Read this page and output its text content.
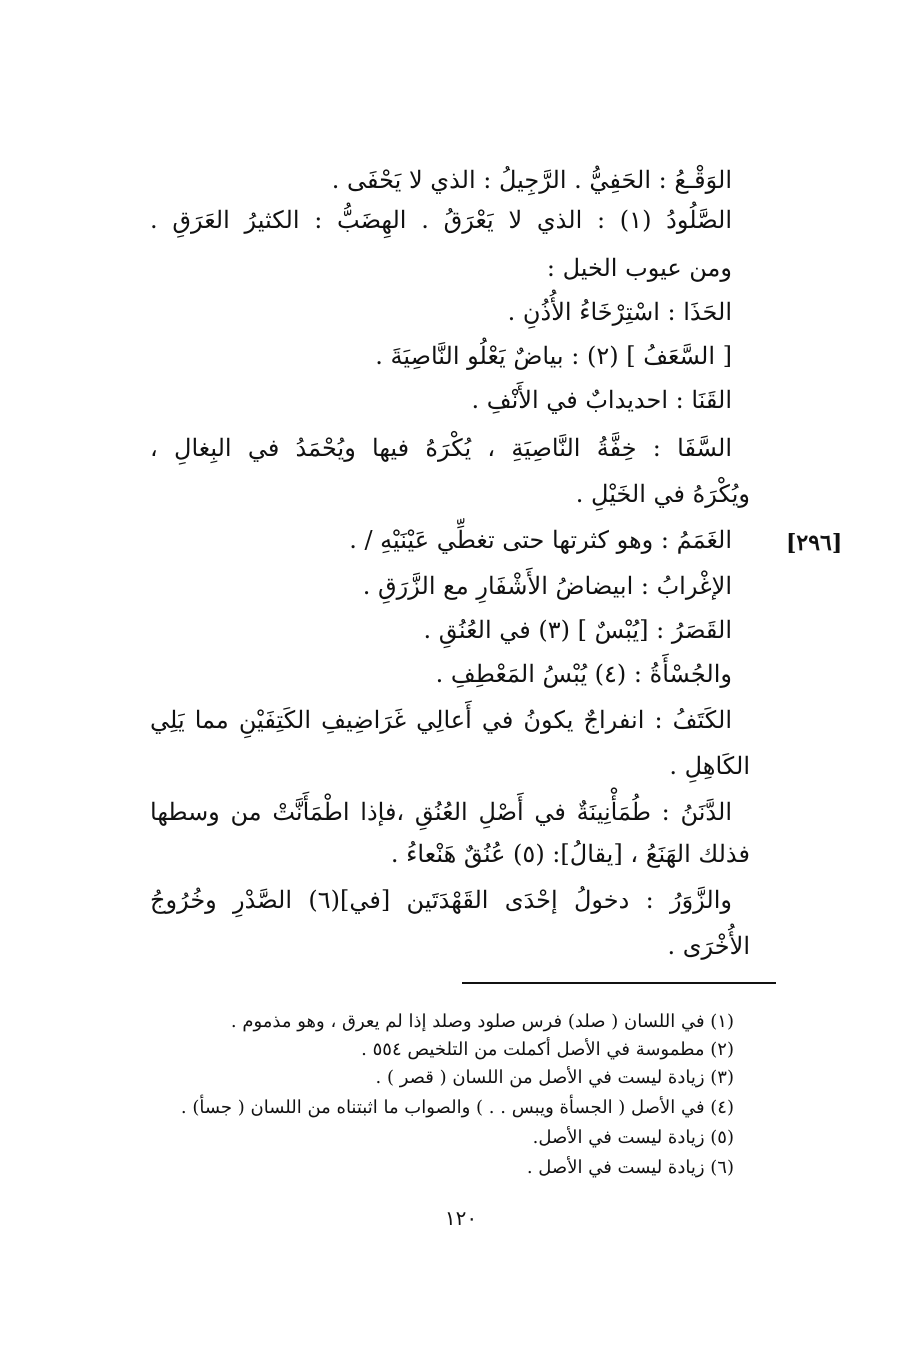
الوَقْـعُ : الحَفِيُّ . الرَّجِيلُ : الذي لا يَحْفَى .
الصَّلُودُ (١) : الذي لا يَعْرَقُ . الهِضَبُّ : الكثيرُ العَرَقِ .
ومن عيوب الخيل :
الحَذَا : اسْتِرْخَاءُ الأُذُنِ .
[ السَّعَفُ ] (٢) : بياضٌ يَعْلُو النَّاصِيَةَ .
القَنَا : احديدابٌ في الأَنْفِ .
السَّفَا : خِفَّةُ النَّاصِيَةِ ، يُكْرَهُ فيها ويُحْمَدُ في البِغالِ ،
ويُكْرَهُ في الخَيْلِ .
[٢٩٦]
الغَمَمُ : وهو كثرتها حتى تغطِّي عَيْنَيْهِ / .
الإغْرابُ : ابيضاضُ الأَشْفَارِ مع الزَّرَقِ .
القَصَرُ : [يُبْسٌ ] (٣) في العُنُقِ .
والجُسْأَةُ : (٤) يُبْسُ المَعْطِفِ .
الكَتَفُ : انفراجٌ يكونُ في أَعالِي غَرَاضِيفِ الكَتِفَيْنِ مما يَلِي
الكَاهِلِ .
الدَّنَنُ : طُمَأْنِينَةٌ في أَصْلِ العُنُقِ ،فإذا اطْمَأَنَّتْ من وسطها
فذلك الهَنَعُ ، [يقالُ]: (٥) عُنُقٌ هَنْعاءُ .
والزَّوَرُ : دخولُ إحْدَى القَهْدَتَين [في](٦) الصَّدْرِ وخُرُوجُ
الأُخْرَى .
(١) في اللسان ( صلد) فرس صلود وصلد إذا لم يعرق ، وهو مذموم .
(٢) مطموسة في الأصل أكملت من التلخيص ٥٥٤ .
(٣) زيادة ليست في الأصل من اللسان ( قصر ) .
(٤) في الأصل ( الجسأة ويبس . . ) والصواب ما اثبتناه من اللسان ( جسأ) .
(٥) زيادة ليست في الأصل.
(٦) زيادة ليست في الأصل .
١٢٠
